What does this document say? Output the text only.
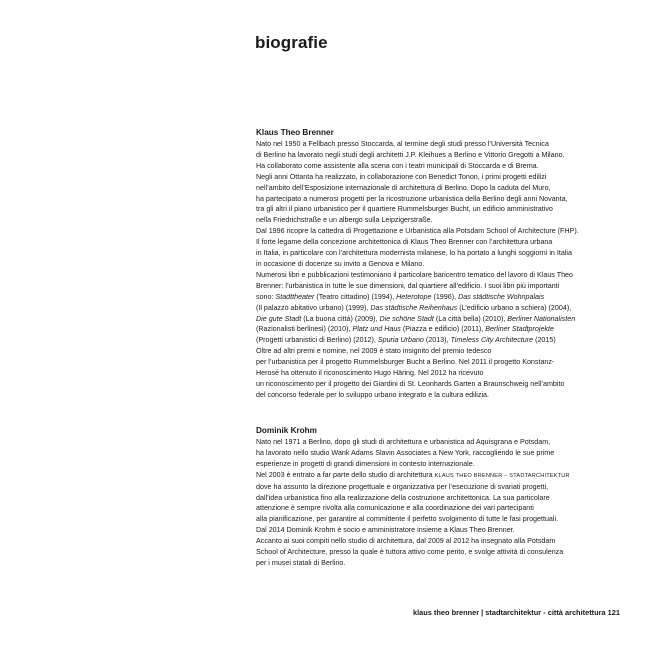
biografie
Klaus Theo Brenner

Nato nel 1950 a Fellbach presso Stoccarda, al termine degli studi presso l’Università Tecnica

di Berlino ha lavorato negli studi degli architetti J.P. Kleihues a Berlino e Vittorio Gregotti a Milano.

Ha collaborato come assistente alla scena con i teatri municipali di Stoccarda e di Brema.

Negli anni Ottanta ha realizzato, in collaborazione con Benedict Tonon, i primi progetti edilizi

nell’ambito dell’Esposizione internazionale di architettura di Berlino. Dopo la caduta del Muro,

ha partecipato a numerosi progetti per la ricostruzione urbanistica della Berlino degli anni Novanta,

tra gli altri il piano urbanistico per il quartiere Rummelsburger Bucht, un edificio amministrativo

nella Friedrichstraße e un albergo sulla Leipzigerstraße.

Dal 1996 ricopre la cattedra di Progettazione e Urbanistica alla Potsdam School of Architecture (FHP).

Il forte legame della concezione architettonica di Klaus Theo Brenner con l’architettura urbana

in Italia, in particolare con l’architettura modernista milanese, lo ha portato a lunghi soggiorni in Italia

in occasione di docenze su invito a Genova e Milano.

Numerosi libri e pubblicazioni testimoniano il particolare baricentro tematico del lavoro di Klaus Theo

Brenner: l’urbanistica in tutte le sue dimensioni, dal quartiere all’edificio. I suoi libri più importanti

sono: Stadttheater (Teatro cittadino) (1994), Heterotope (1996), Das städtische Wohnpalais

(Il palazzo abitativo urbano) (1999), Das städtische Reihenhaus (L’edificio urbano a schiera) (2004),

Die gute Stadt (La buona città) (2009), Die schöne Stadt (La città bella) (2010), Berliner Nationalisten

(Razionalisti berlinesi) (2010), Platz und Haus (Piazza e edificio) (2011), Berliner Stadtprojekte

(Progetti urbanistici di Berlino) (2012), Spuria Urbano (2013), Timeless City Architecture (2015)

Oltre ad altri premi e nomine, nel 2009 è stato insignito del premio tedesco

per l’urbanistica per il progetto Rummelsburger Bucht a Berlino. Nel 2011 il progetto Konstanz-

Herosé ha ottenuto il riconoscimento Hugo Häring. Nel 2012 ha ricevuto

un riconoscimento per il progetto dei Giardini di St. Leonhards Garten a Braunschweig nell’ambito

del concorso federale per lo sviluppo urbano integrato e la cultura edilizia.

Dominik Krohm

Nato nel 1971 a Berlino, dopo gli studi di architettura e urbanistica ad Aquisgrana e Potsdam,

ha lavorato nello studio Wank Adams Slavin Associates a New York, raccogliendo le sue prime

esperienze in progetti di grandi dimensioni in contesto internazionale.

Nel 2003 è entrato a far parte dello studio di architettura KLAUS THEO BRENNER – STADTARCHITEKTUR

dove ha assunto la direzione progettuale e organizzativa per l’esecuzione di svariati progetti,

dall’idea urbanistica fino alla realizzazione della costruzione architettonica. La sua particolare

attenzione è sempre rivolta alla comunicazione e alla coordinazione dei vari partecipanti

alla pianificazione, per garantire al committente il perfetto svolgimento di tutte le fasi progettuali.

Dal 2014 Dominik Krohm è socio e amministratore insieme a Klaus Theo Brenner.

Accanto ai suoi compiti nello studio di architettura, dal 2009 al 2012 ha insegnato alla Potsdam

School of Architecture, presso la quale è tuttora attivo come perito, e svolge attività di consulenza

per i musei statali di Berlino.

klaus theo brenner | stadtarchitektur - città architettura 121
